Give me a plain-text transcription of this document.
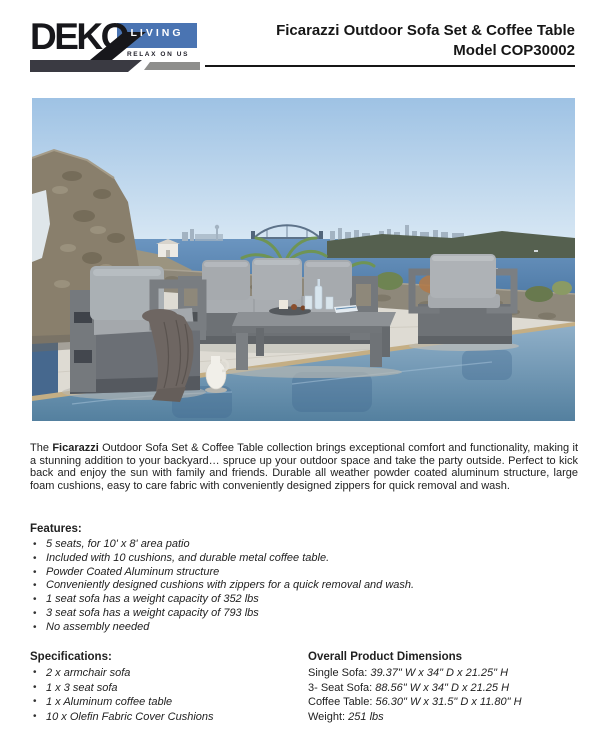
DEKO LIVING
RELAX ON US
Ficarazzi Outdoor Sofa Set & Coffee Table
Model COP30002

The Ficarazzi Outdoor Sofa Set & Coffee Table collection brings exceptional comfort and functionality, making it a stunning addition to your backyard… spruce up your outdoor space and take the party outside. Perfect to kick back and enjoy the sun with family and friends. Durable all weather powder coated aluminum structure, large foam cushions, easy to care fabric with conveniently designed zippers for quick removal and wash.

Features:
• 5 seats, for 10' x 8' area patio
• Included with 10 cushions, and durable metal coffee table.
• Powder Coated Aluminum structure
• Conveniently designed cushions with zippers for a quick removal and wash.
• 1 seat sofa has a weight capacity of 352 lbs
• 3 seat sofa has a weight capacity of 793 lbs
• No assembly needed
Specifications:
• 2 x armchair sofa
• 1 x 3 seat sofa
• 1 x Aluminum coffee table
• 10 x Olefin Fabric Cover Cushions
Overall Product Dimensions
Single Sofa: 39.37" W x 34" D x 21.25" H
3- Seat Sofa: 88.56" W x 34" D x 21.25 H
Coffee Table: 56.30" W x 31.5" D x 11.80" H
Weight: 251 lbs
